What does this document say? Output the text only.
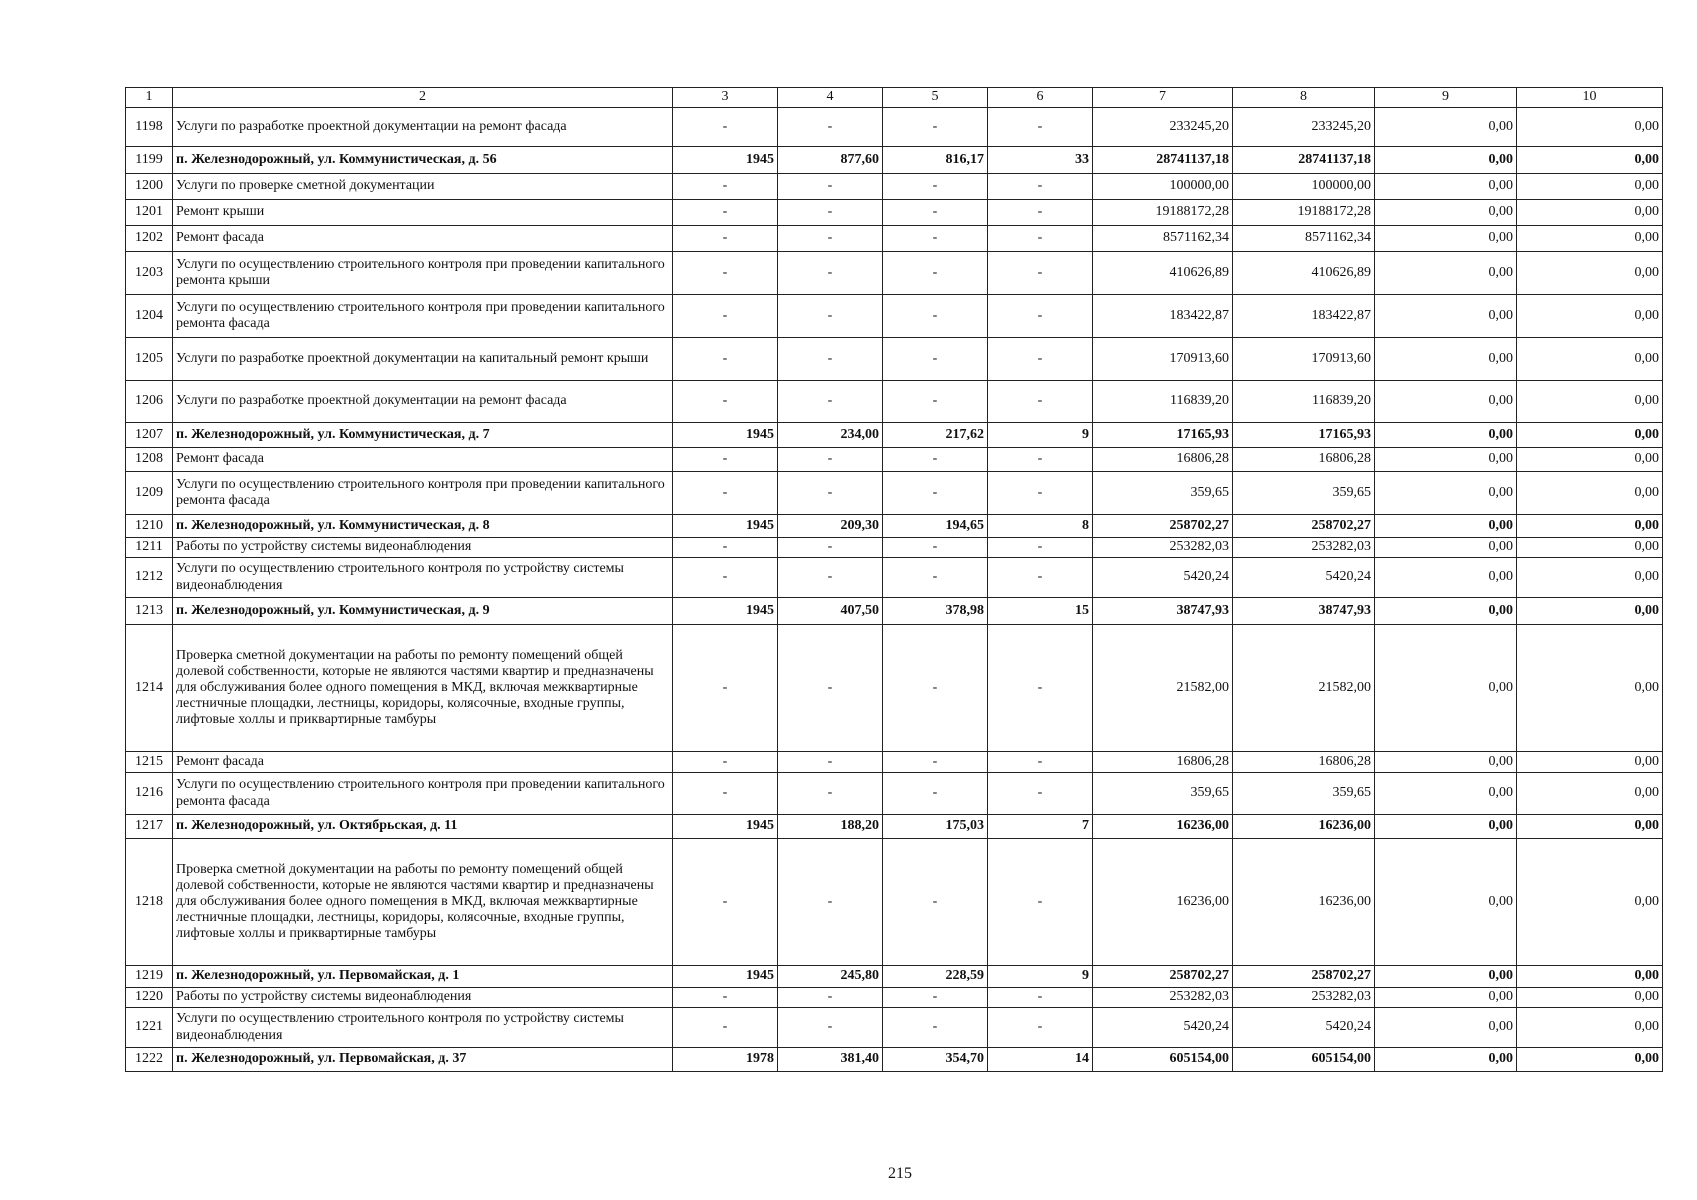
1	2	3	4	5	6	7	8	9	10
1198	Услуги по разработке проектной документации на ремонт фасада	-	-	-	-	233245,20	233245,20	0,00	0,00
1199	п. Железнодорожный, ул. Коммунистическая, д. 56	1945	877,60	816,17	33	28741137,18	28741137,18	0,00	0,00
1200	Услуги по проверке сметной документации	-	-	-	-	100000,00	100000,00	0,00	0,00
1201	Ремонт крыши	-	-	-	-	19188172,28	19188172,28	0,00	0,00
1202	Ремонт фасада	-	-	-	-	8571162,34	8571162,34	0,00	0,00
1203	Услуги по осуществлению строительного контроля при проведении капитального ремонта крыши	-	-	-	-	410626,89	410626,89	0,00	0,00
1204	Услуги по осуществлению строительного контроля при проведении капитального ремонта фасада	-	-	-	-	183422,87	183422,87	0,00	0,00
1205	Услуги по разработке проектной документации на капитальный ремонт крыши	-	-	-	-	170913,60	170913,60	0,00	0,00
1206	Услуги по разработке проектной документации на ремонт фасада	-	-	-	-	116839,20	116839,20	0,00	0,00
1207	п. Железнодорожный, ул. Коммунистическая, д. 7	1945	234,00	217,62	9	17165,93	17165,93	0,00	0,00
1208	Ремонт фасада	-	-	-	-	16806,28	16806,28	0,00	0,00
1209	Услуги по осуществлению строительного контроля при проведении капитального ремонта фасада	-	-	-	-	359,65	359,65	0,00	0,00
1210	п. Железнодорожный, ул. Коммунистическая, д. 8	1945	209,30	194,65	8	258702,27	258702,27	0,00	0,00
1211	Работы по устройству системы видеонаблюдения	-	-	-	-	253282,03	253282,03	0,00	0,00
1212	Услуги по осуществлению строительного контроля по устройству системы видеонаблюдения	-	-	-	-	5420,24	5420,24	0,00	0,00
1213	п. Железнодорожный, ул. Коммунистическая, д. 9	1945	407,50	378,98	15	38747,93	38747,93	0,00	0,00
1214	Проверка сметной документации на работы по ремонту помещений общей долевой собственности, которые не являются частями квартир и предназначены для обслуживания более одного помещения в МКД, включая межквартирные лестничные площадки, лестницы, коридоры, колясочные, входные группы, лифтовые холлы и приквартирные тамбуры	-	-	-	-	21582,00	21582,00	0,00	0,00
1215	Ремонт фасада	-	-	-	-	16806,28	16806,28	0,00	0,00
1216	Услуги по осуществлению строительного контроля при проведении капитального ремонта фасада	-	-	-	-	359,65	359,65	0,00	0,00
1217	п. Железнодорожный, ул. Октябрьская, д. 11	1945	188,20	175,03	7	16236,00	16236,00	0,00	0,00
1218	Проверка сметной документации на работы по ремонту помещений общей долевой собственности, которые не являются частями квартир и предназначены для обслуживания более одного помещения в МКД, включая межквартирные лестничные площадки, лестницы, коридоры, колясочные, входные группы, лифтовые холлы и приквартирные тамбуры	-	-	-	-	16236,00	16236,00	0,00	0,00
1219	п. Железнодорожный, ул. Первомайская, д. 1	1945	245,80	228,59	9	258702,27	258702,27	0,00	0,00
1220	Работы по устройству системы видеонаблюдения	-	-	-	-	253282,03	253282,03	0,00	0,00
1221	Услуги по осуществлению строительного контроля по устройству системы видеонаблюдения	-	-	-	-	5420,24	5420,24	0,00	0,00
1222	п. Железнодорожный, ул. Первомайская, д. 37	1978	381,40	354,70	14	605154,00	605154,00	0,00	0,00
215
